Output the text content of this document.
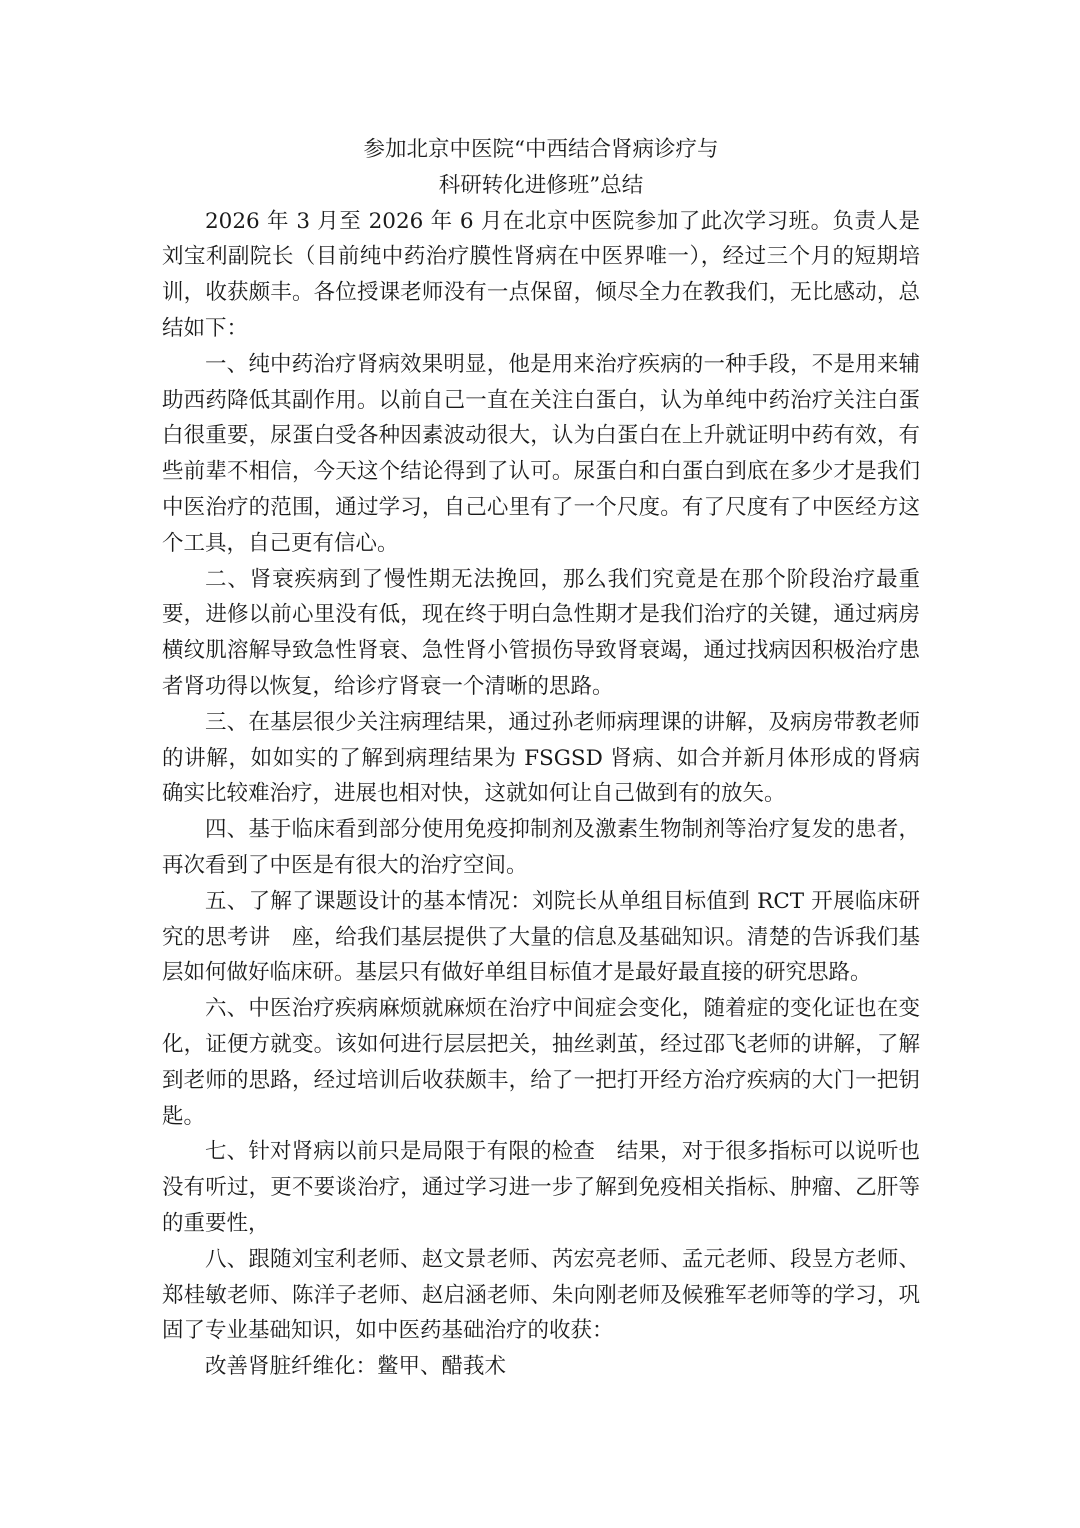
参加北京中医院“中西结合肾病诊疗与
科研转化进修班”总结

2026 年 3 月至 2026 年 6 月在北京中医院参加了此次学习班。负责人是刘宝利副院长（目前纯中药治疗膜性肾病在中医界唯一），经过三个月的短期培训，收获颇丰。各位授课老师没有一点保留，倾尽全力在教我们，无比感动，总结如下：

一、纯中药治疗肾病效果明显，他是用来治疗疾病的一种手段，不是用来辅助西药降低其副作用。以前自己一直在关注白蛋白，认为单纯中药治疗关注白蛋白很重要，尿蛋白受各种因素波动很大，认为白蛋白在上升就证明中药有效，有些前辈不相信，今天这个结论得到了认可。尿蛋白和白蛋白到底在多少才是我们中医治疗的范围，通过学习，自己心里有了一个尺度。有了尺度有了中医经方这个工具，自己更有信心。

二、肾衰疾病到了慢性期无法挽回，那么我们究竟是在那个阶段治疗最重要，进修以前心里没有低，现在终于明白急性期才是我们治疗的关键，通过病房横纹肌溶解导致急性肾衰、急性肾小管损伤导致肾衰竭，通过找病因积极治疗患者肾功得以恢复，给诊疗肾衰一个清晰的思路。

三、在基层很少关注病理结果，通过孙老师病理课的讲解，及病房带教老师的讲解，如如实的了解到病理结果为 FSGSD 肾病、如合并新月体形成的肾病确实比较难治疗，进展也相对快，这就如何让自己做到有的放矢。

四、基于临床看到部分使用免疫抑制剂及激素生物制剂等治疗复发的患者，再次看到了中医是有很大的治疗空间。

五、了解了课题设计的基本情况：刘院长从单组目标值到 RCT 开展临床研究的思考讲　座，给我们基层提供了大量的信息及基础知识。清楚的告诉我们基层如何做好临床研。基层只有做好单组目标值才是最好最直接的研究思路。

六、中医治疗疾病麻烦就麻烦在治疗中间症会变化，随着症的变化证也在变化，证便方就变。该如何进行层层把关，抽丝剥茧，经过邵飞老师的讲解，了解到老师的思路，经过培训后收获颇丰，给了一把打开经方治疗疾病的大门一把钥匙。

七、针对肾病以前只是局限于有限的检查　结果，对于很多指标可以说听也没有听过，更不要谈治疗，通过学习进一步了解到免疫相关指标、肿瘤、乙肝等的重要性，

八、跟随刘宝利老师、赵文景老师、芮宏亮老师、孟元老师、段昱方老师、郑桂敏老师、陈洋子老师、赵启涵老师、朱向刚老师及候雅军老师等的学习，巩固了专业基础知识，如中医药基础治疗的收获：

改善肾脏纤维化：鳖甲、醋莪术
